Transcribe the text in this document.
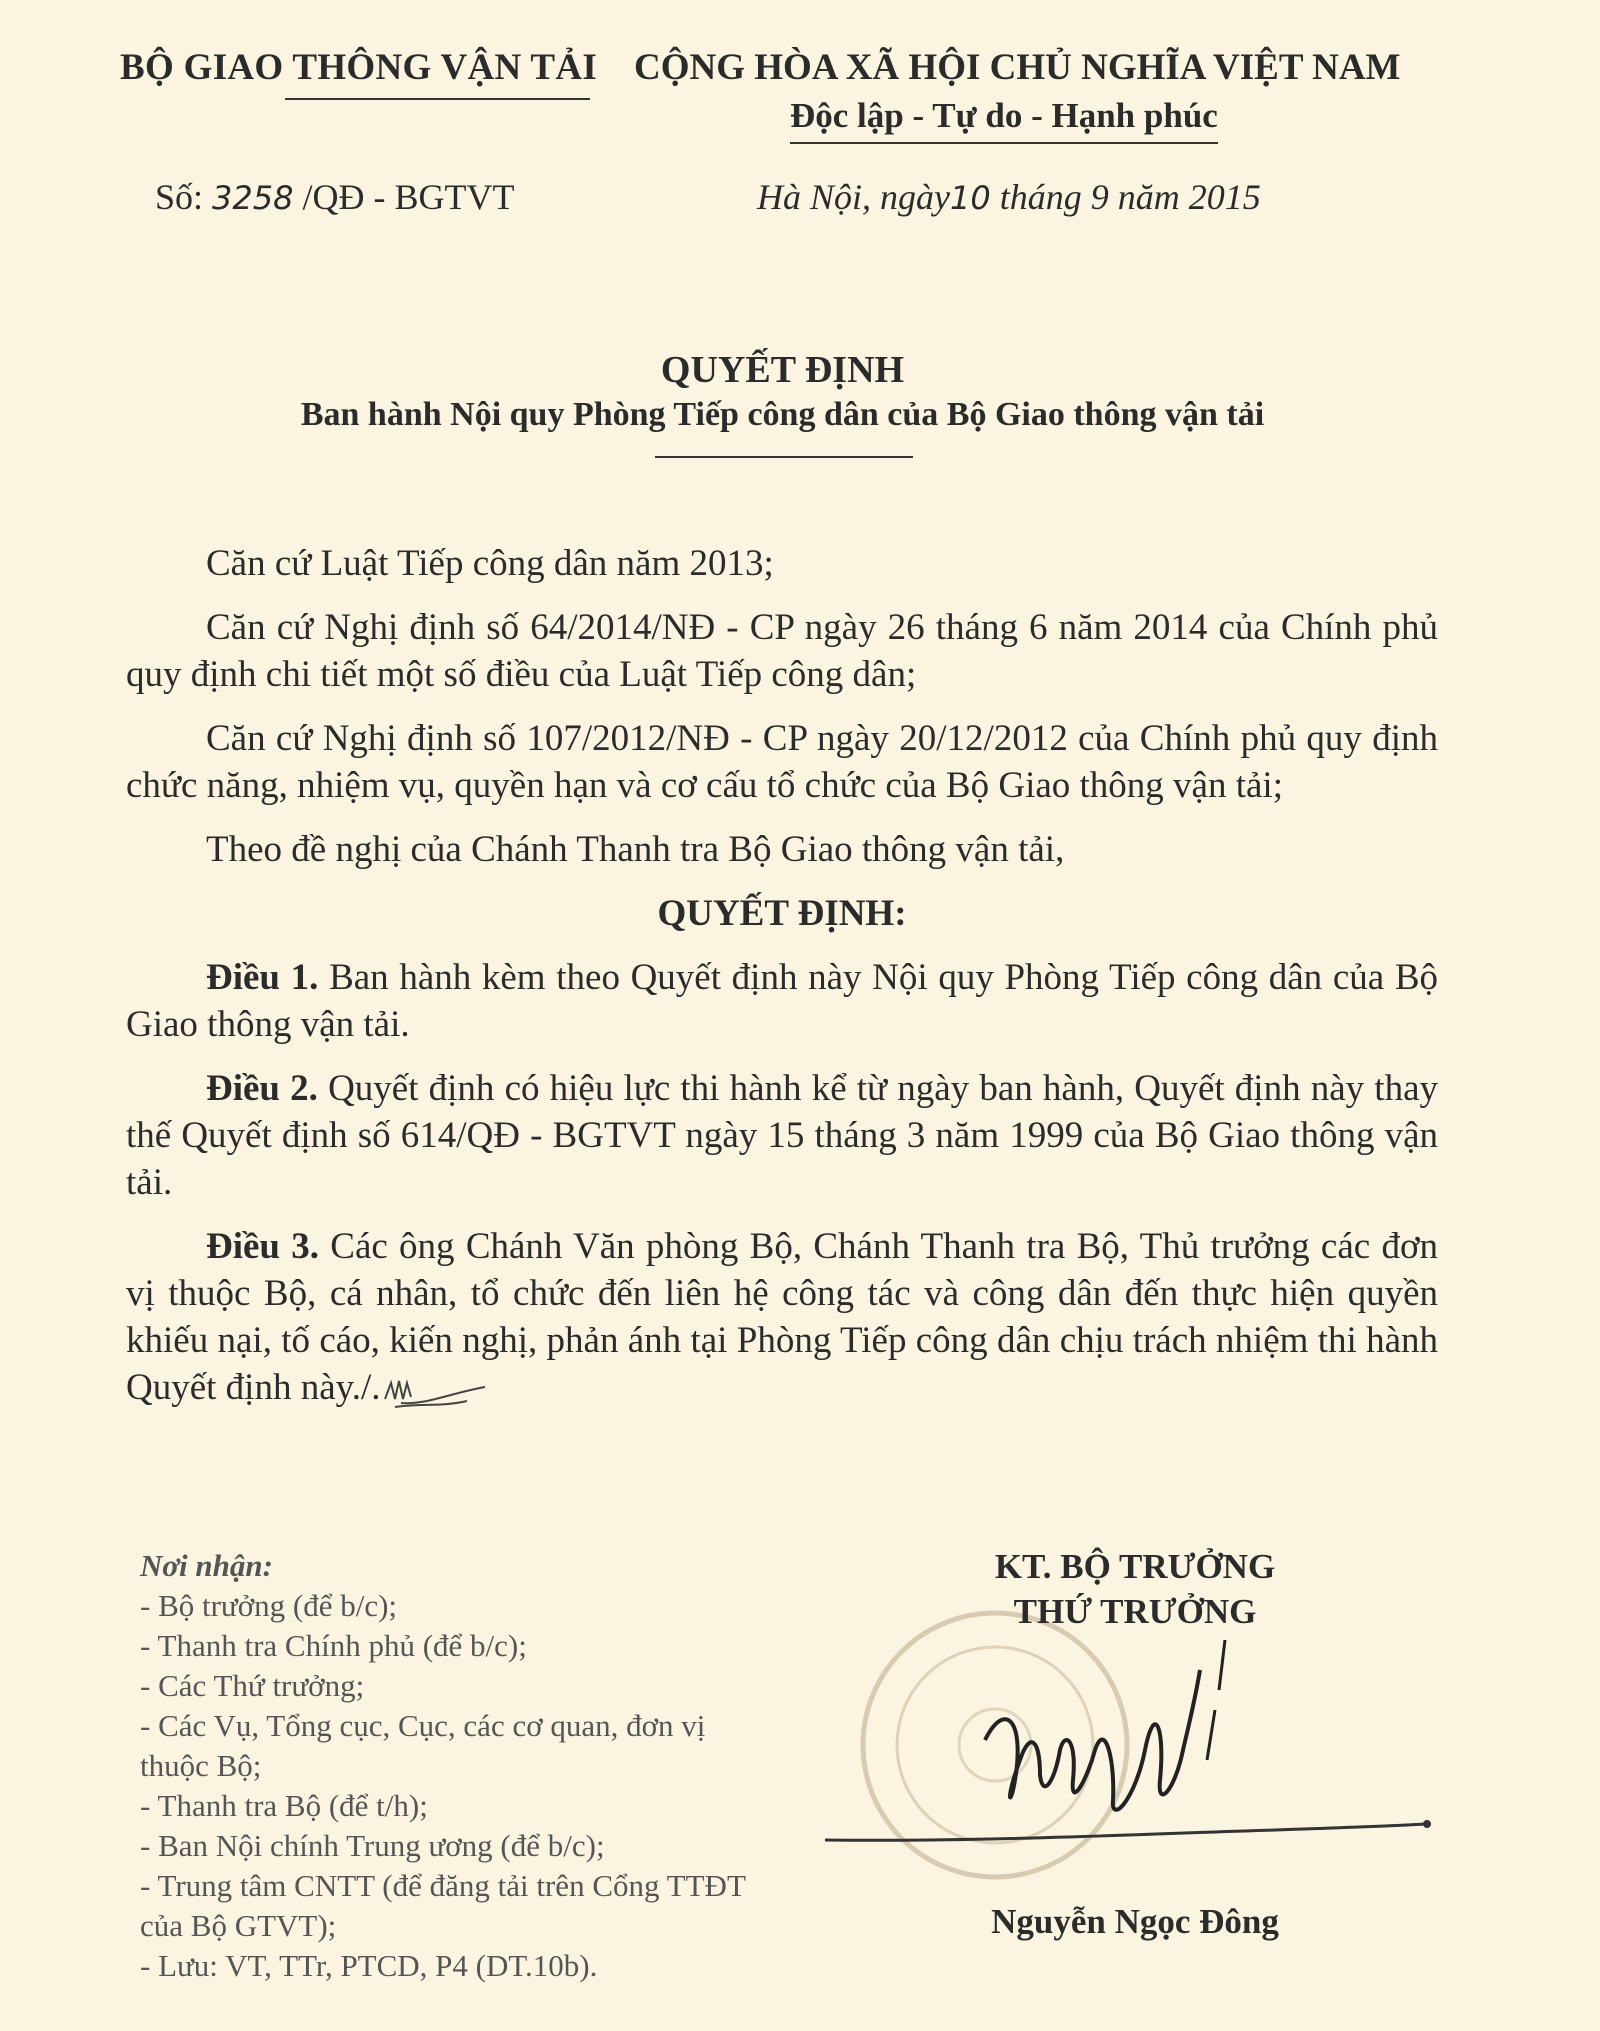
BỘ GIAO THÔNG VẬN TẢI CỘNG HÒA XÃ HỘI CHỦ NGHĨA VIỆT NAM
Độc lập - Tự do - Hạnh phúc
Số: 3258 /QĐ - BGTVT	Hà Nội, ngày10 tháng 9 năm 2015
QUYẾT ĐỊNH
Ban hành Nội quy Phòng Tiếp công dân của Bộ Giao thông vận tải

Căn cứ Luật Tiếp công dân năm 2013;

Căn cứ Nghị định số 64/2014/NĐ - CP ngày 26 tháng 6 năm 2014 của Chính phủ quy định chi tiết một số điều của Luật Tiếp công dân;

Căn cứ Nghị định số 107/2012/NĐ - CP ngày 20/12/2012 của Chính phủ quy định chức năng, nhiệm vụ, quyền hạn và cơ cấu tổ chức của Bộ Giao thông vận tải;

Theo đề nghị của Chánh Thanh tra Bộ Giao thông vận tải,

QUYẾT ĐỊNH:

Điều 1. Ban hành kèm theo Quyết định này Nội quy Phòng Tiếp công dân của Bộ Giao thông vận tải.

Điều 2. Quyết định có hiệu lực thi hành kể từ ngày ban hành, Quyết định này thay thế Quyết định số 614/QĐ - BGTVT ngày 15 tháng 3 năm 1999 của Bộ Giao thông vận tải.

Điều 3. Các ông Chánh Văn phòng Bộ, Chánh Thanh tra Bộ, Thủ trưởng các đơn vị thuộc Bộ, cá nhân, tổ chức đến liên hệ công tác và công dân đến thực hiện quyền khiếu nại, tố cáo, kiến nghị, phản ánh tại Phòng Tiếp công dân chịu trách nhiệm thi hành Quyết định này./.

Nơi nhận:
- Bộ trưởng (để b/c);
- Thanh tra Chính phủ (để b/c);
- Các Thứ trưởng;
- Các Vụ, Tổng cục, Cục, các cơ quan, đơn vị thuộc Bộ;
- Thanh tra Bộ (để t/h);
- Ban Nội chính Trung ương (để b/c);
- Trung tâm CNTT (để đăng tải trên Cổng TTĐT của Bộ GTVT);
- Lưu: VT, TTr, PTCD, P4 (DT.10b).
KT. BỘ TRƯỞNG
THỨ TRƯỞNG
Nguyễn Ngọc Đông
